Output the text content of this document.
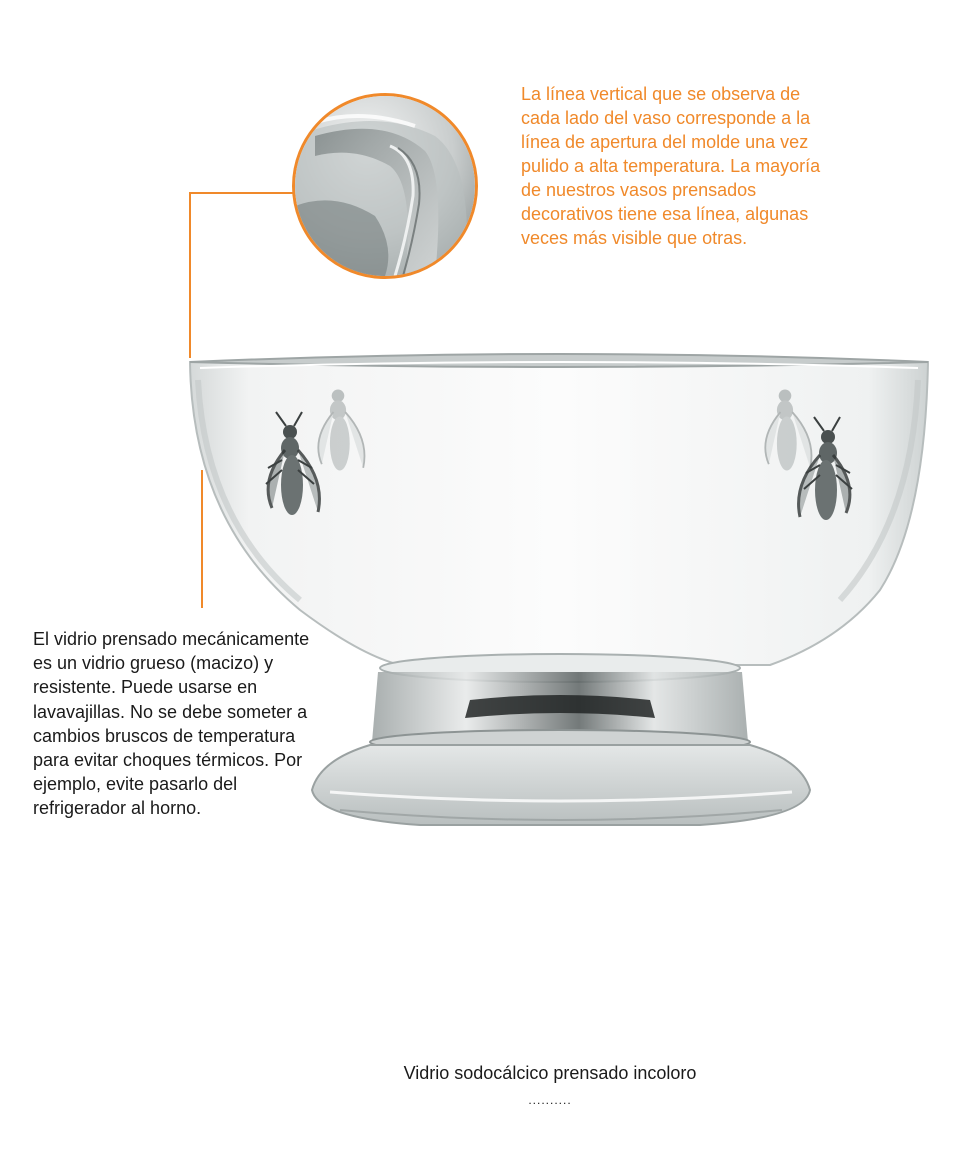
La línea vertical que se observa de cada lado del vaso corresponde a la línea de apertura del molde una vez pulido a alta temperatura. La mayoría de nuestros vasos prensados decorativos tiene esa línea, algunas veces más visible que otras.

El vidrio prensado mecánicamente es un vidrio grueso (macizo) y resistente. Puede usarse en lavavajillas. No se debe someter a cambios bruscos de temperatura para evitar choques térmicos. Por ejemplo, evite pasarlo del refrigerador al horno.

Vidrio sodocálcico prensado incoloro

..........
